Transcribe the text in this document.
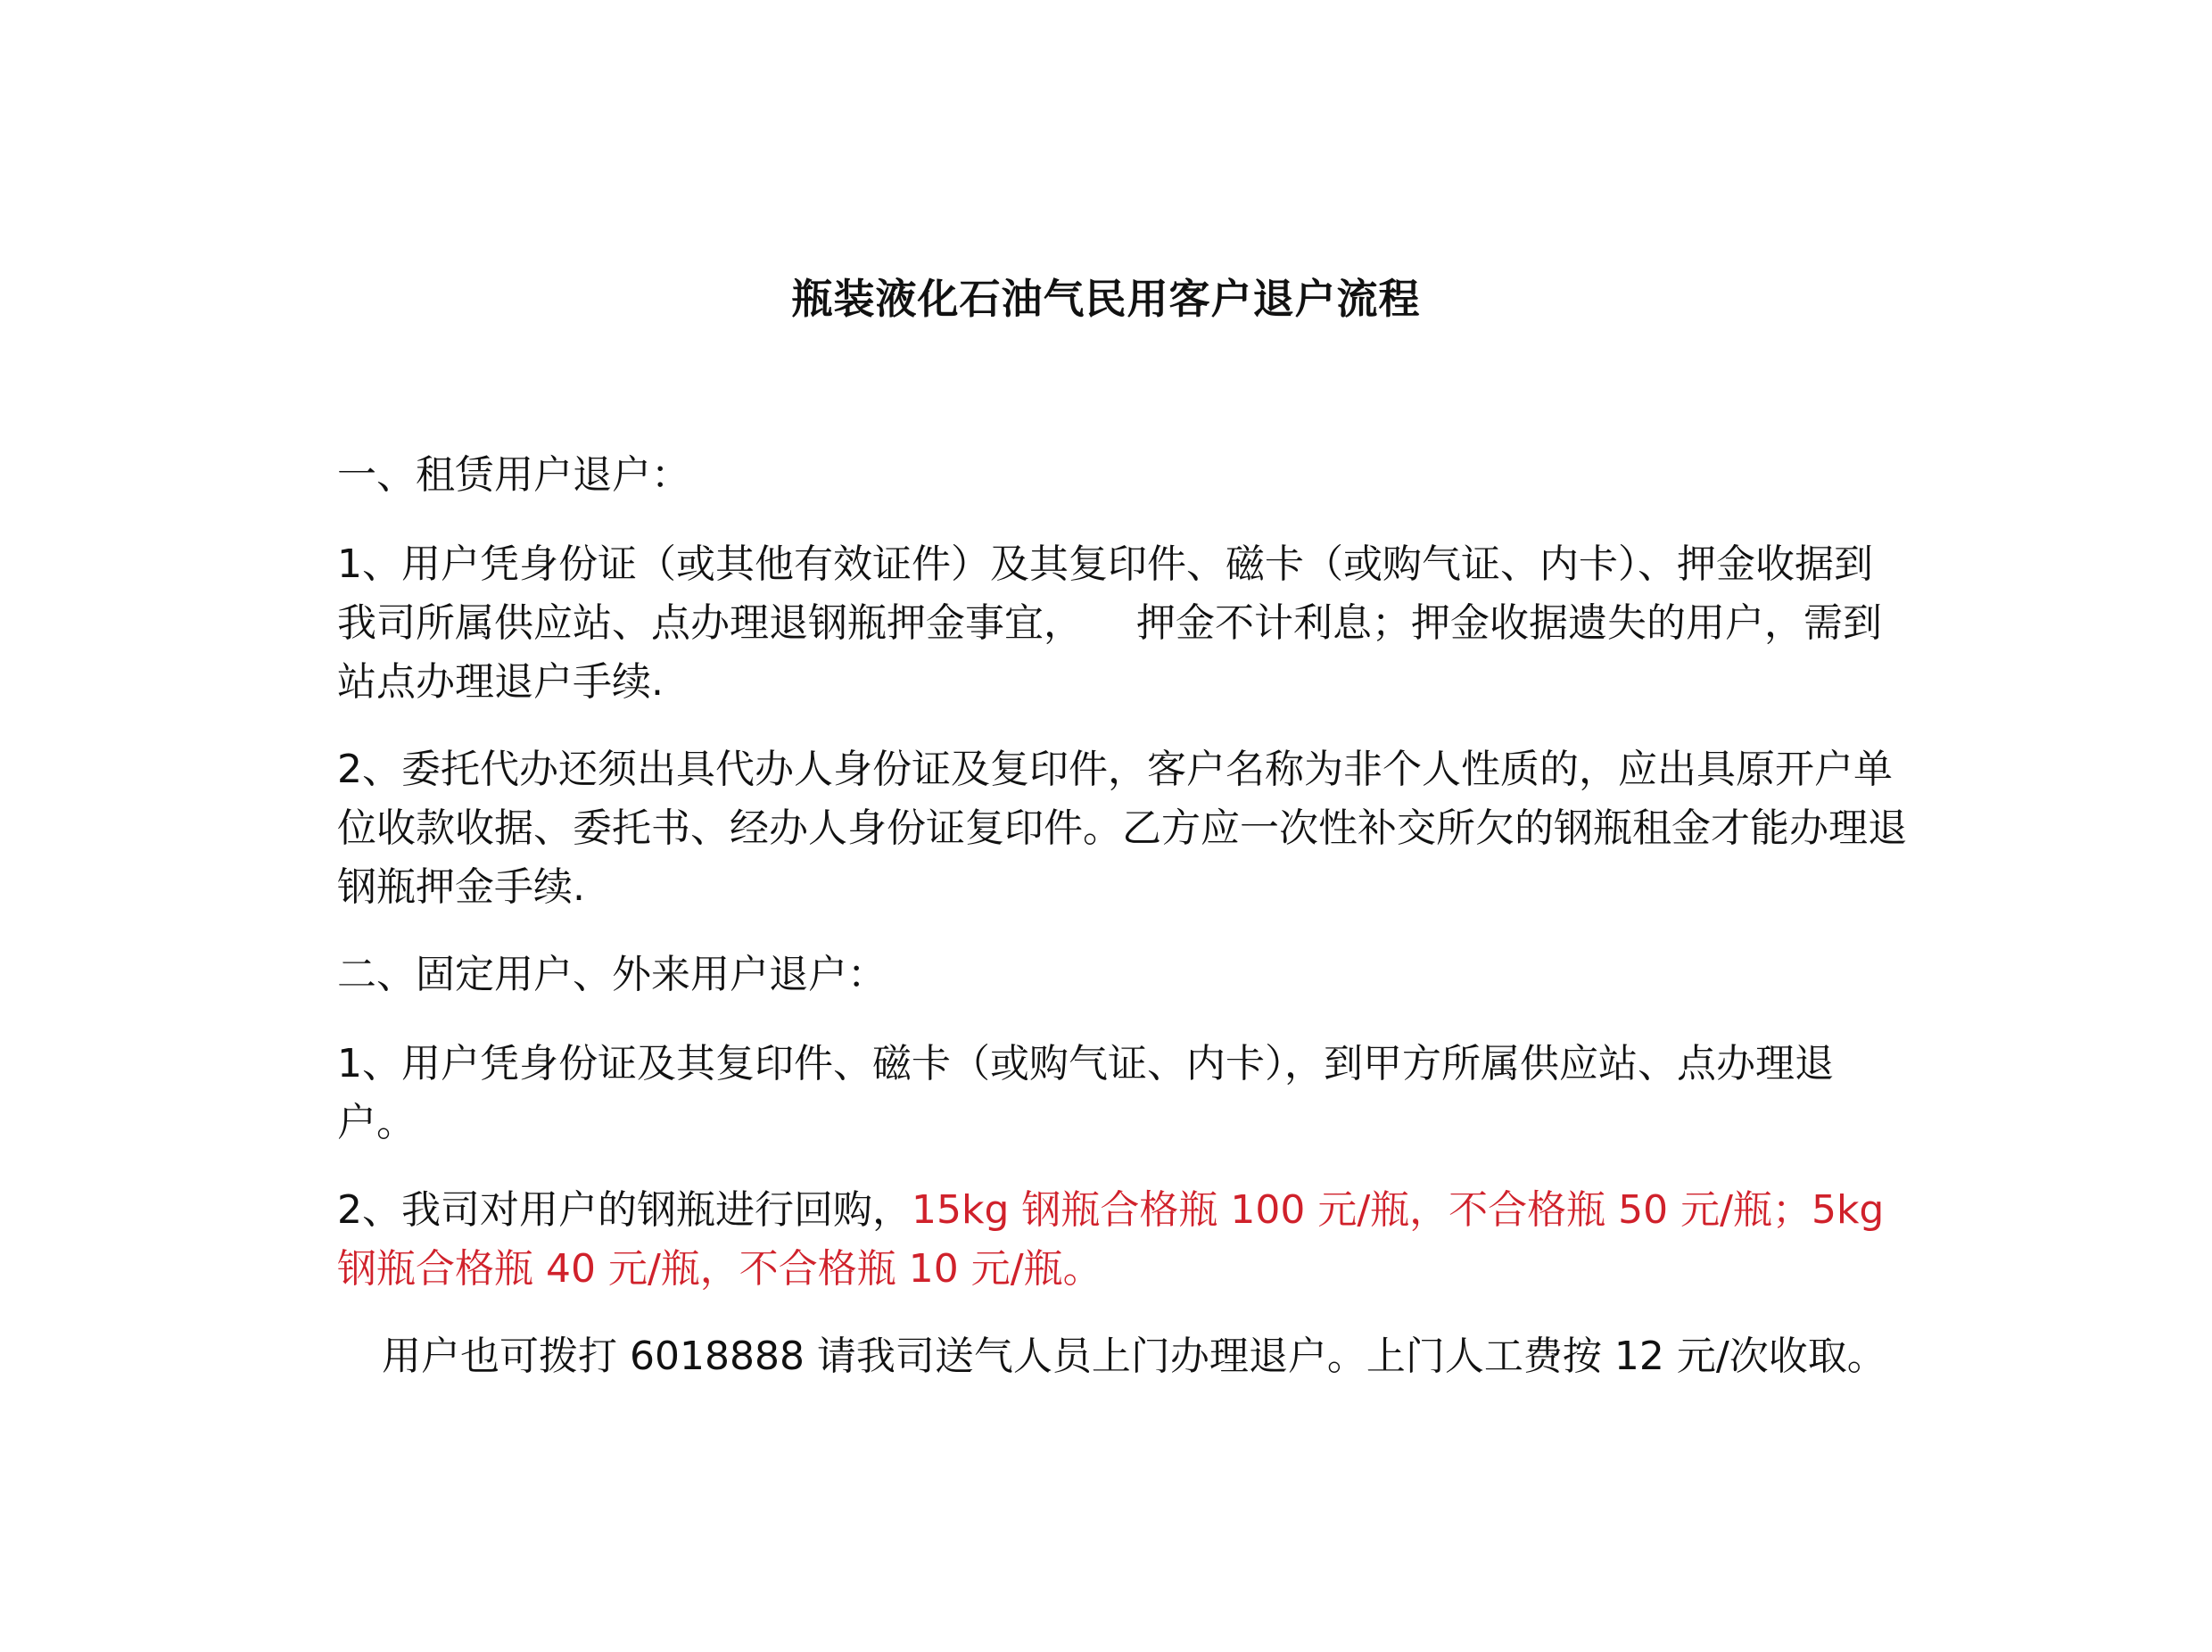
瓶装液化石油气民用客户退户流程

一、租赁用户退户：

1、用户凭身份证（或其他有效证件）及其复印件、磁卡（或购气证、内卡）、押金收据到我司所属供应站、点办理退钢瓶押金事宜， 押金不计利息；押金收据遗失的用户，需到站点办理退户手续.

2、委托代办还须出具代办人身份证及复印件，客户名称为非个人性质的，应出具原开户单位收款收据、委托书、经办人身份证复印件。乙方应一次性补交所欠的钢瓶租金才能办理退钢瓶押金手续.

二、固定用户、外来用户退户：

1、用户凭身份证及其复印件、磁卡（或购气证、内卡），到甲方所属供应站、点办理退户。

2、我司对用户的钢瓶进行回购，15kg 钢瓶合格瓶 100 元/瓶，不合格瓶 50 元/瓶；5kg 钢瓶合格瓶 40 元/瓶，不合格瓶 10 元/瓶。

用户也可拨打 6018888 请我司送气人员上门办理退户。上门人工费按 12 元/次收取。
